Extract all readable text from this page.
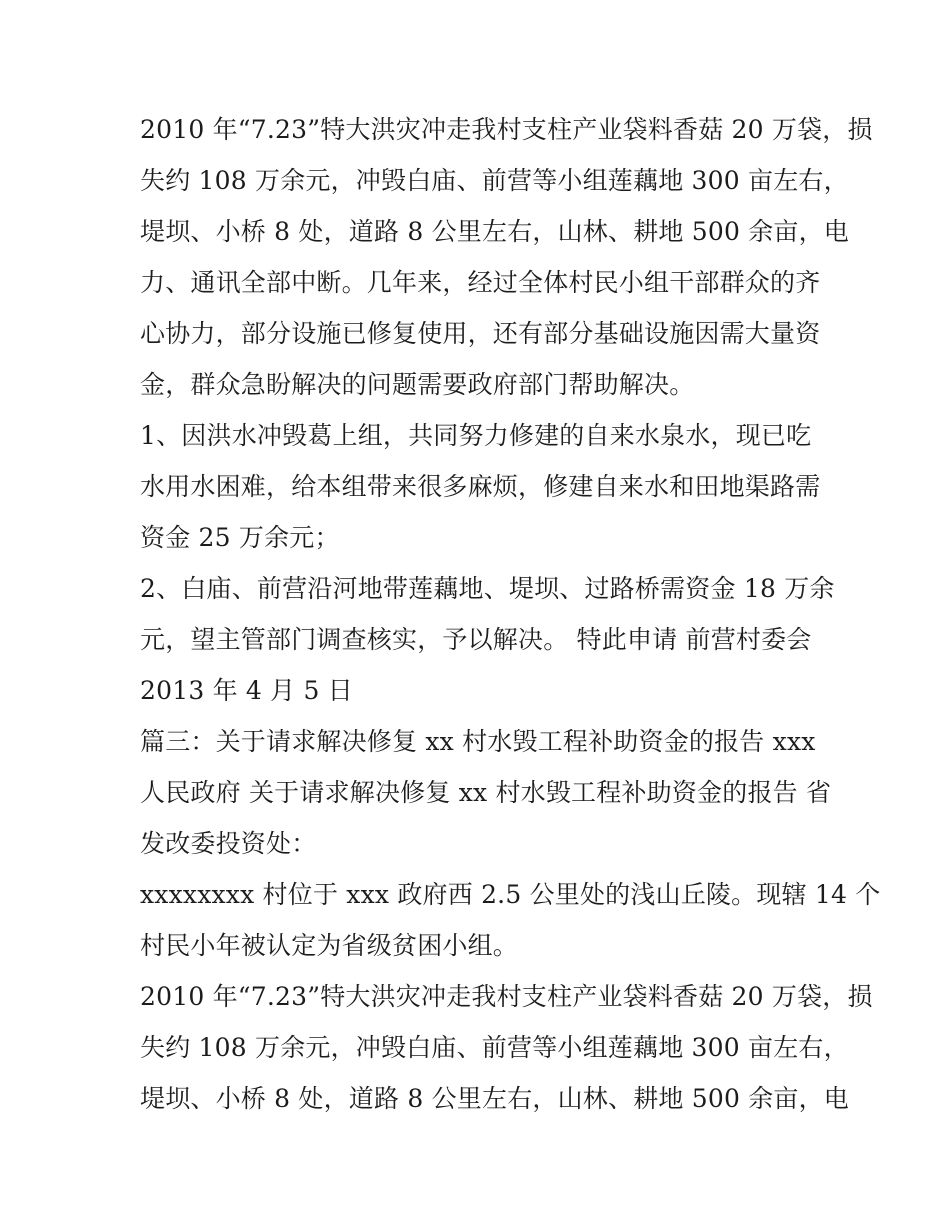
2010 年“7.23”特大洪灾冲走我村支柱产业袋料香菇 20 万袋，损
失约 108 万余元，冲毁白庙、前营等小组莲藕地 300 亩左右，
堤坝、小桥 8 处，道路 8 公里左右，山林、耕地 500 余亩，电
力、通讯全部中断。几年来，经过全体村民小组干部群众的齐
心协力，部分设施已修复使用，还有部分基础设施因需大量资
金，群众急盼解决的问题需要政府部门帮助解决。
1、因洪水冲毁葛上组，共同努力修建的自来水泉水，现已吃
水用水困难，给本组带来很多麻烦，修建自来水和田地渠路需
资金 25 万余元；
2、白庙、前营沿河地带莲藕地、堤坝、过路桥需资金 18 万余
元，望主管部门调查核实，予以解决。 特此申请 前营村委会
2013 年 4 月 5 日
篇三：关于请求解决修复 xx 村水毁工程补助资金的报告 xxx
人民政府 关于请求解决修复 xx 村水毁工程补助资金的报告 省
发改委投资处：
xxxxxxxx 村位于 xxx 政府西 2.5 公里处的浅山丘陵。现辖 14 个
村民小年被认定为省级贫困小组。
2010 年“7.23”特大洪灾冲走我村支柱产业袋料香菇 20 万袋，损
失约 108 万余元，冲毁白庙、前营等小组莲藕地 300 亩左右，
堤坝、小桥 8 处，道路 8 公里左右，山林、耕地 500 余亩，电
